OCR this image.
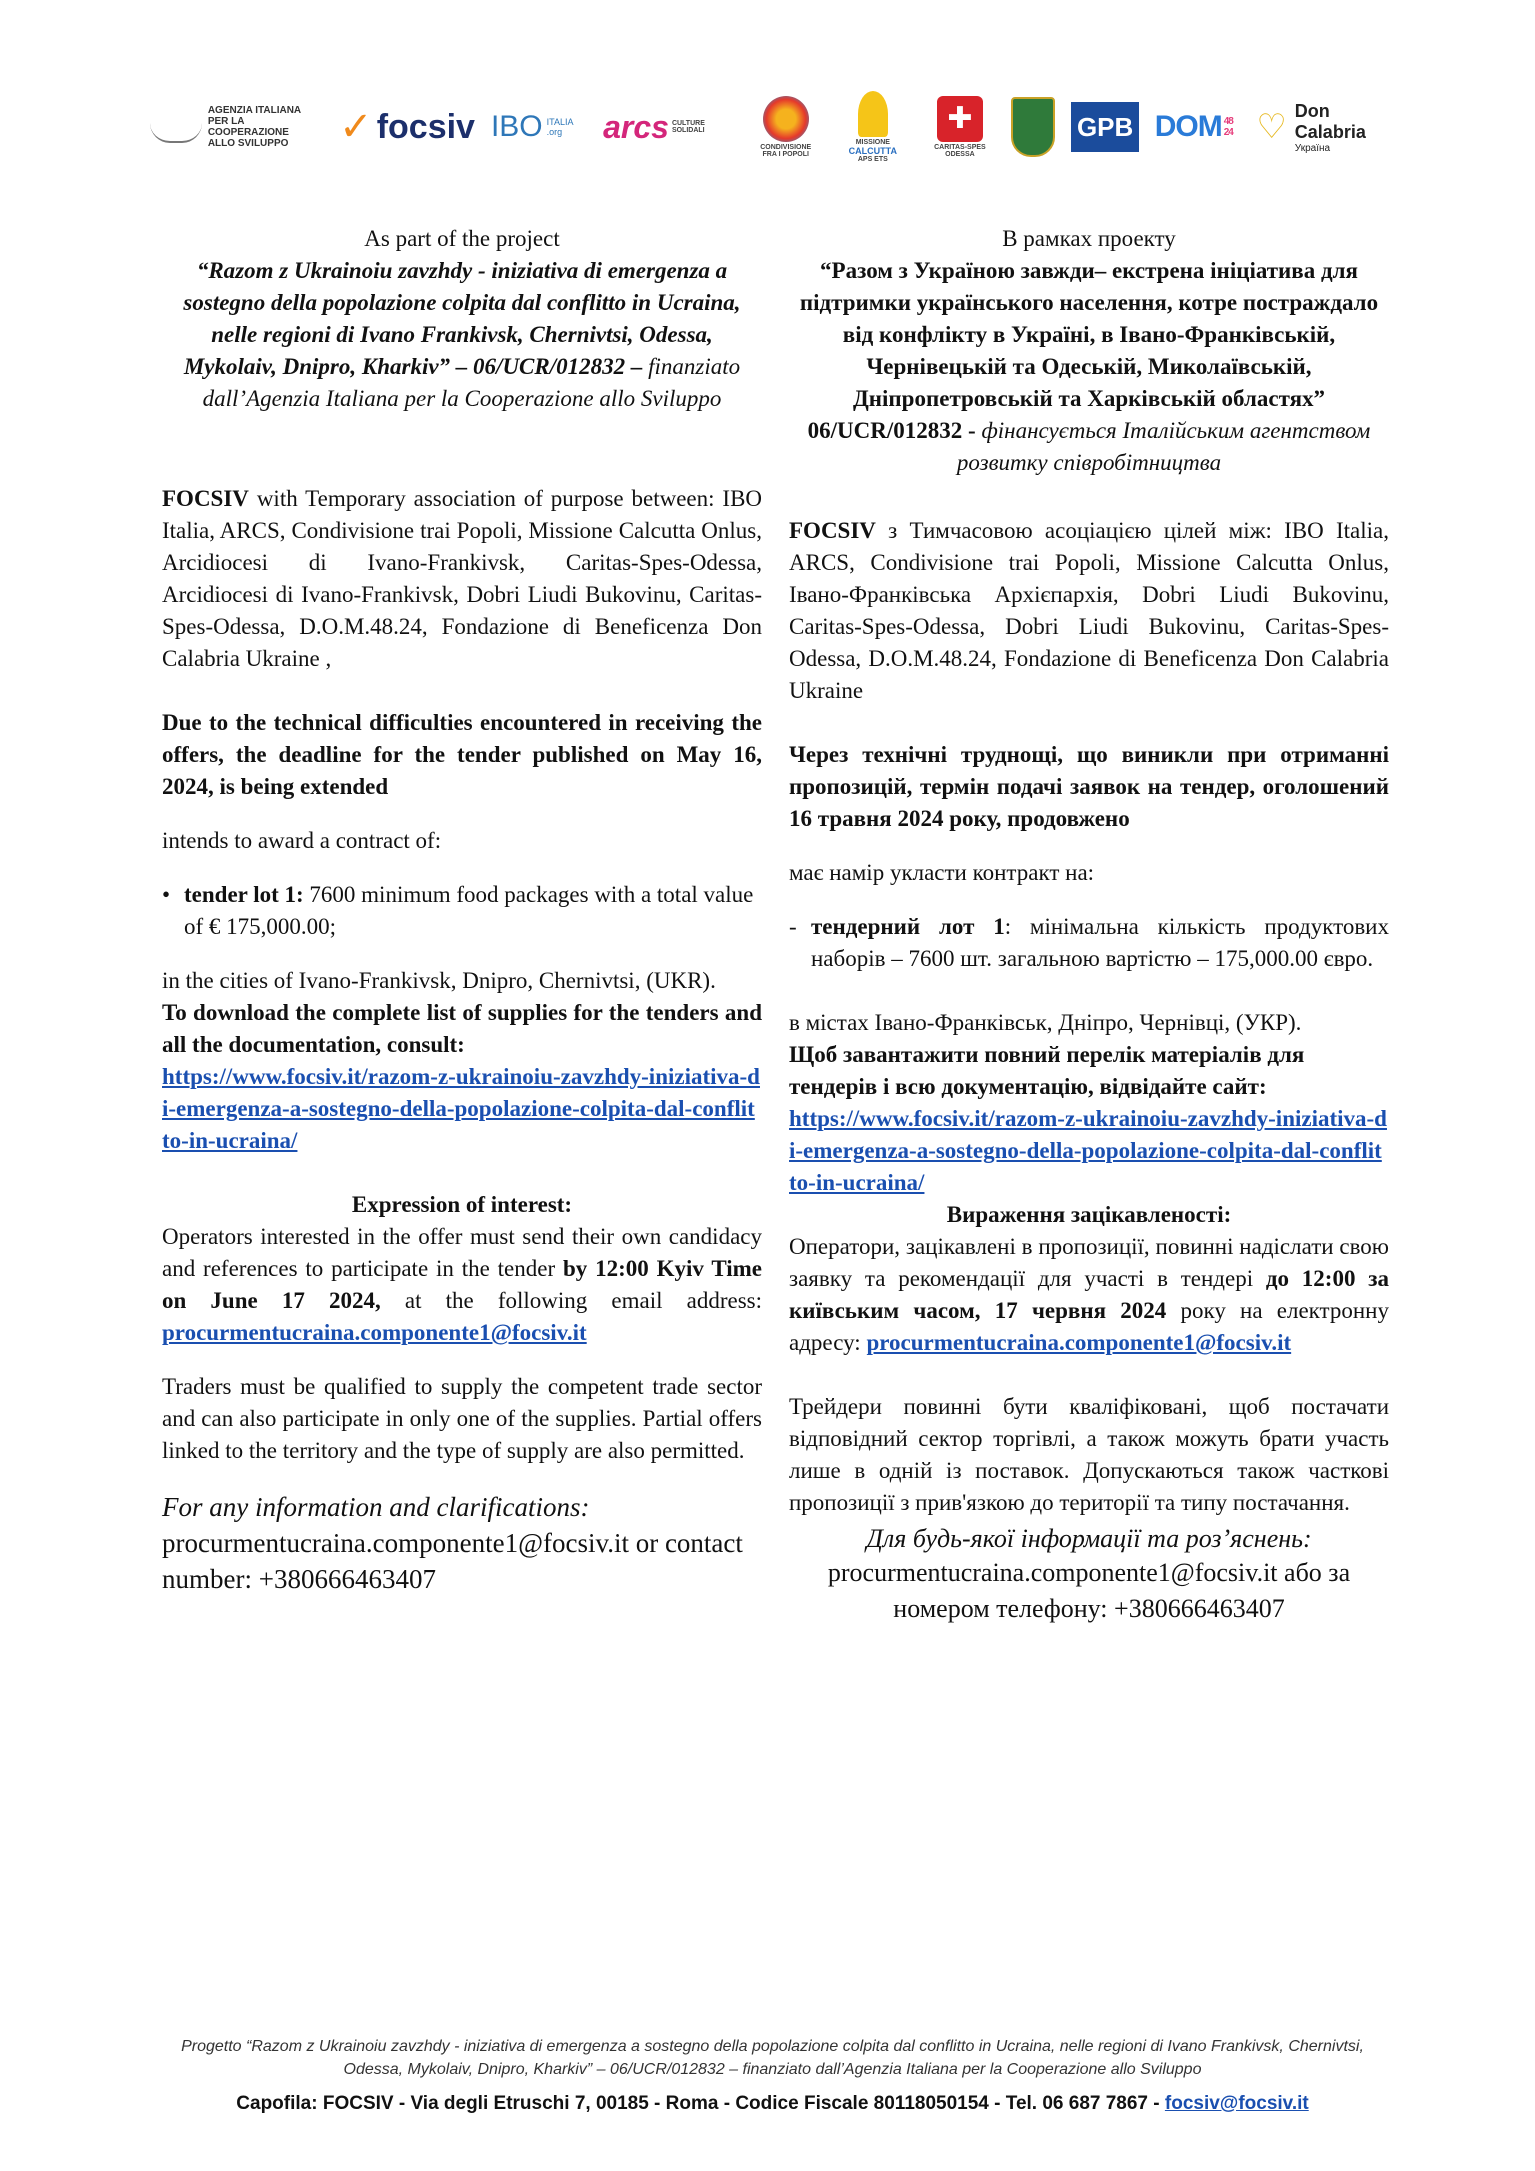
AGENZIA ITALIANA
PER LA COOPERAZIONE
ALLO SVILUPPO	✓ focsiv IBO ITALIA .org	arcs CULTURE SOLIDALI
CONDIVISIONE
FRA I POPOLI
MISSIONE
CALCUTTA
APS ETS
✚
CARITAS-SPES
ODESSA
GPB DOM 48 24 ♡ Don Calabria
Україна

As part of the project

“Razom z Ukrainoiu zavzhdy - iniziativa di emergenza a sostegno della popolazione colpita dal conflitto in Ucraina, nelle regioni di Ivano Frankivsk, Chernivtsi, Odessa, Mykolaiv, Dnipro, Kharkiv” – 06/UCR/012832 – finanziato dall’Agenzia Italiana per la Cooperazione allo Sviluppo

FOCSIV with Temporary association of purpose between: IBO Italia, ARCS, Condivisione trai Popoli, Missione Calcutta Onlus, Arcidiocesi di Ivano-Frankivsk, Caritas-Spes-Odessa, Arcidiocesi di Ivano-Frankivsk, Dobri Liudi Bukovinu, Caritas-Spes-Odessa, D.O.M.48.24, Fondazione di Beneficenza Don Calabria Ukraine ,

Due to the technical difficulties encountered in receiving the offers, the deadline for the tender published on May 16, 2024, is being extended

intends to award a contract of:

• tender lot 1: 7600 minimum food packages with a total value of € 175,000.00;

in the cities of Ivano-Frankivsk, Dnipro, Chernivtsi, (UKR).

To download the complete list of supplies for the tenders and all the documentation, consult:

https://www.focsiv.it/razom-z-ukrainoiu-zavzhdy-iniziativa-di-emergenza-a-sostegno-della-popolazione-colpita-dal-conflitto-in-ucraina/

Expression of interest:

Operators interested in the offer must send their own candidacy and references to participate in the tender by 12:00 Kyiv Time on June 17 2024, at the following email address: procurmentucraina.componente1@focsiv.it

Traders must be qualified to supply the competent trade sector and can also participate in only one of the supplies. Partial offers linked to the territory and the type of supply are also permitted.

For any information and clarifications:

procurmentucraina.componente1@focsiv.it or contact number: +380666463407

В рамках проекту

“Разом з Україною завжди– екстрена ініціатива для підтримки українського населення, котре постраждало від конфлікту в Україні, в Івано-Франківській, Чернівецькій та Одеській, Миколаївській, Дніпропетровській та Харківській областях” 06/UCR/012832 - фінансується Італійським агентством розвитку співробітництва

FOCSIV з Тимчасовою асоціацією цілей між: IBO Italia, ARCS, Condivisione trai Popoli, Missione Calcutta Onlus, Івано-Франківська Архієпархія, Dobri Liudi Bukovinu, Caritas-Spes-Odessa, Dobri Liudi Bukovinu, Caritas-Spes-Odessa, D.O.M.48.24, Fondazione di Beneficenza Don Calabria Ukraine

Через технічні труднощі, що виникли при отриманні пропозицій, термін подачі заявок на тендер, оголошений 16 травня 2024 року, продовжено

має намір укласти контракт на:

- тендерний лот 1: мінімальна кількість продуктових наборів – 7600 шт. загальною вартістю – 175,000.00 євро.

в містах Івано-Франківськ, Дніпро, Чернівці, (УКР).

Щоб завантажити повний перелік матеріалів для тендерів і всю документацію, відвідайте сайт:

https://www.focsiv.it/razom-z-ukrainoiu-zavzhdy-iniziativa-di-emergenza-a-sostegno-della-popolazione-colpita-dal-conflitto-in-ucraina/

Вираження зацікавленості:

Оператори, зацікавлені в пропозиції, повинні надіслати свою заявку та рекомендації для участі в тендері до 12:00 за київським часом, 17 червня 2024 року на електронну адресу: procurmentucraina.componente1@focsiv.it

Трейдери повинні бути кваліфіковані, щоб постачати відповідний сектор торгівлі, а також можуть брати участь лише в одній із поставок. Допускаються також часткові пропозиції з прив'язкою до території та типу постачання.

Для будь-якої інформації та роз’яснень:

procurmentucraina.componente1@focsiv.it або за номером телефону: +380666463407

Progetto “Razom z Ukrainoiu zavzhdy - iniziativa di emergenza a sostegno della popolazione colpita dal conflitto in Ucraina, nelle regioni di Ivano Frankivsk, Chernivtsi, Odessa, Mykolaiv, Dnipro, Kharkiv” – 06/UCR/012832 – finanziato dall’Agenzia Italiana per la Cooperazione allo Sviluppo

Capofila: FOCSIV - Via degli Etruschi 7, 00185 - Roma - Codice Fiscale 80118050154 - Tel. 06 687 7867 - focsiv@focsiv.it
